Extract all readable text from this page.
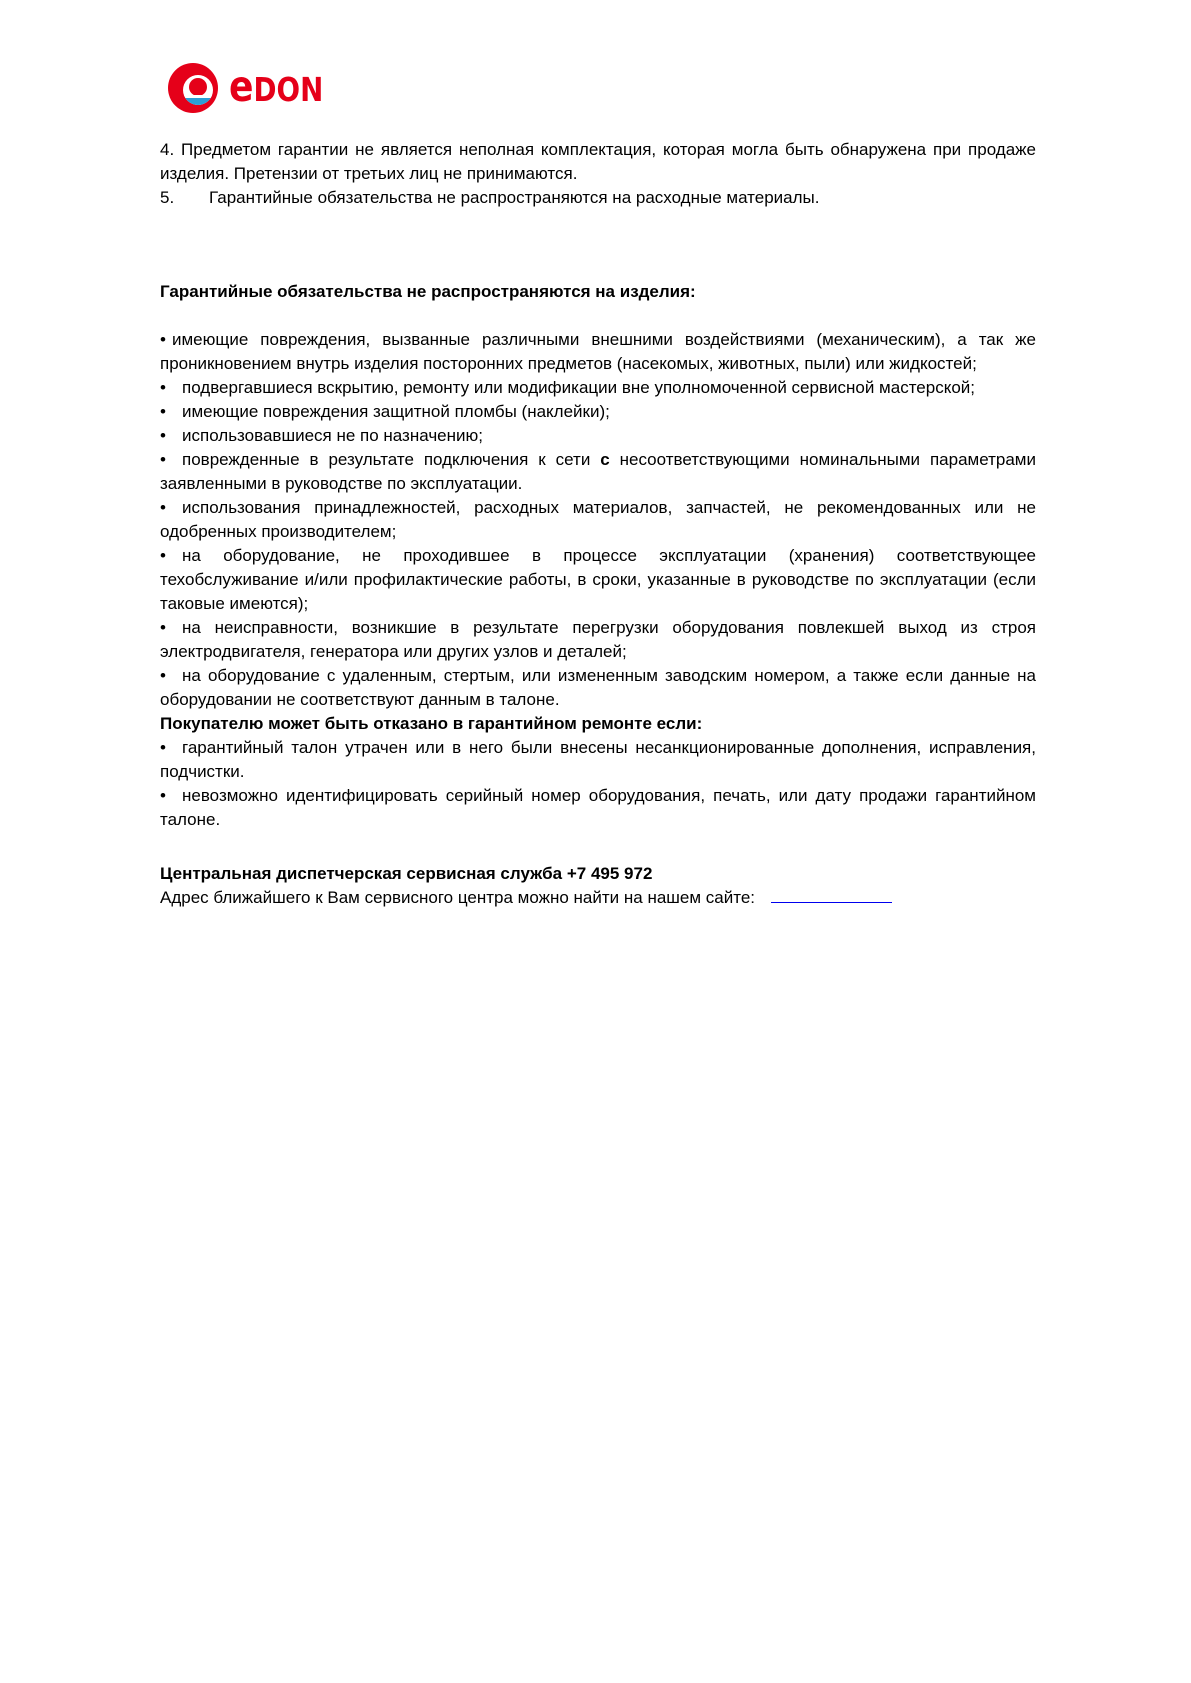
eDON

4. Предметом гарантии не является неполная комплектация, которая могла быть обнаружена при продаже изделия. Претензии от третьих лиц не принимаются.

5. Гарантийные обязательства не распространяются на расходные материалы.

Гарантийные обязательства не распространяются на изделия:

• имеющие повреждения, вызванные различными внешними воздействиями (механическим), а так же проникновением внутрь изделия посторонних предметов (насекомых, животных, пыли) или жидкостей;

• подвергавшиеся вскрытию, ремонту или модификации вне уполномоченной сервисной мастерской;

• имеющие повреждения защитной пломбы (наклейки);

• использовавшиеся не по назначению;

• поврежденные в результате подключения к сети с несоответствующими номинальными параметрами заявленными в руководстве по эксплуатации.

• использования принадлежностей, расходных материалов, запчастей, не рекомендованных или не одобренных производителем;

• на оборудование, не проходившее в процессе эксплуатации (хранения) соответствующее техобслуживание и/или профилактические работы, в сроки, указанные в руководстве по эксплуатации (если таковые имеются);

• на неисправности, возникшие в результате перегрузки оборудования повлекшей выход из строя электродвигателя, генератора или других узлов и деталей;

• на оборудование с удаленным, стертым, или измененным заводским номером, а также если данные на оборудовании не соответствуют данным в талоне.

Покупателю может быть отказано в гарантийном ремонте если:

• гарантийный талон утрачен или в него были внесены несанкционированные дополнения, исправления, подчистки.

• невозможно идентифицировать серийный номер оборудования, печать, или дату продажи гарантийном талоне.

Центральная диспетчерская сервисная служба +7 495 972

Адрес ближайшего к Вам сервисного центра можно найти на нашем сайте:
